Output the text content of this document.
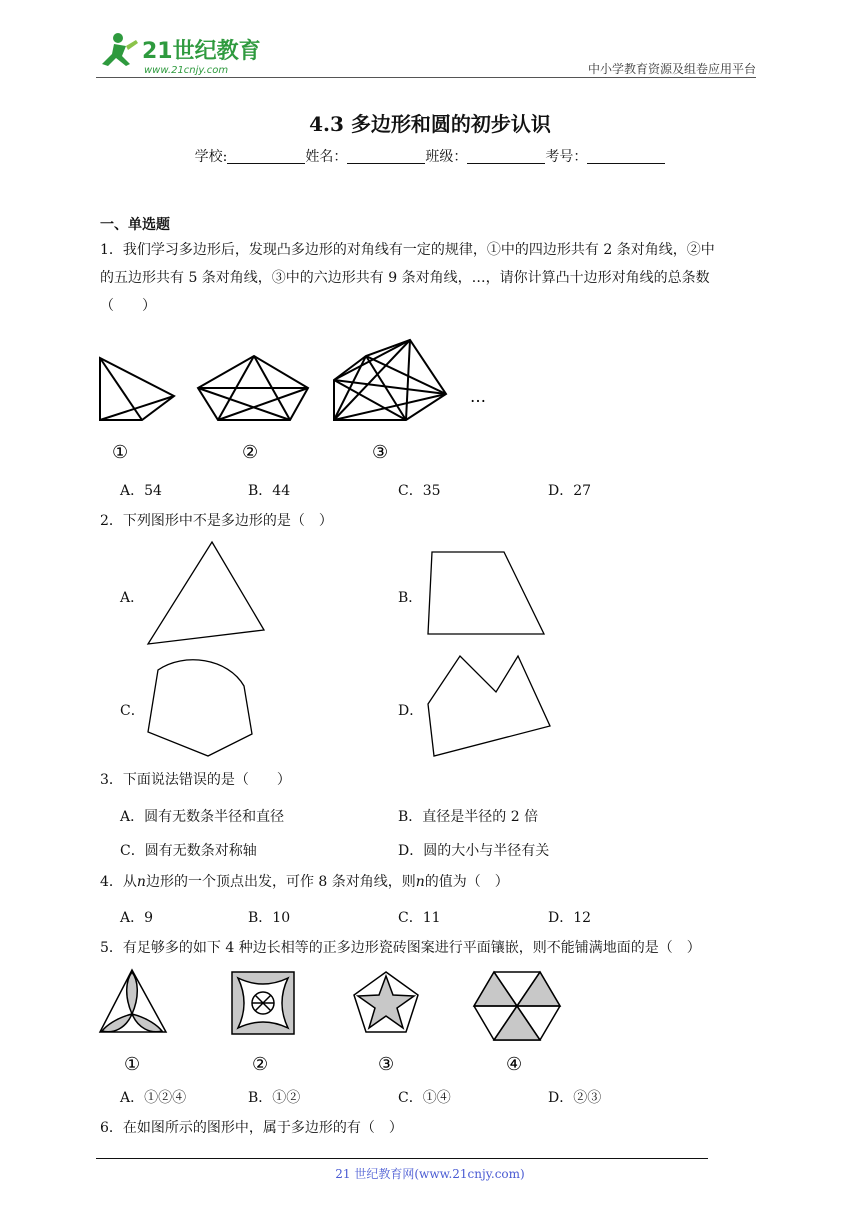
21世纪教育
www.21cnjy.com	中小学教育资源及组卷应用平台
4.3 多边形和圆的初步认识
学校:	姓名：	班级：	考号：
一、单选题
1．我们学习多边形后，发现凸多边形的对角线有一定的规律，①中的四边形共有 2 条对角线，②中
的五边形共有 5 条对角线，③中的六边形共有 9 条对角线，…，请你计算凸十边形对角线的总条数
（　　）
…
①	②	③
A．54	B．44	C．35	D．27
2．下列图形中不是多边形的是（　）
A．	B．
C．	D．
3．下面说法错误的是（　　）
A．圆有无数条半径和直径	B．直径是半径的 2 倍
C．圆有无数条对称轴	D．圆的大小与半径有关
4．从n边形的一个顶点出发，可作 8 条对角线，则n的值为（　）
A．9	B．10	C．11	D．12
5．有足够多的如下 4 种边长相等的正多边形瓷砖图案进行平面镶嵌，则不能铺满地面的是（　）
①	②	③	④
A．①②④	B．①②	C．①④	D．②③
6．在如图所示的图形中，属于多边形的有（　）
21 世纪教育网(www.21cnjy.com)
